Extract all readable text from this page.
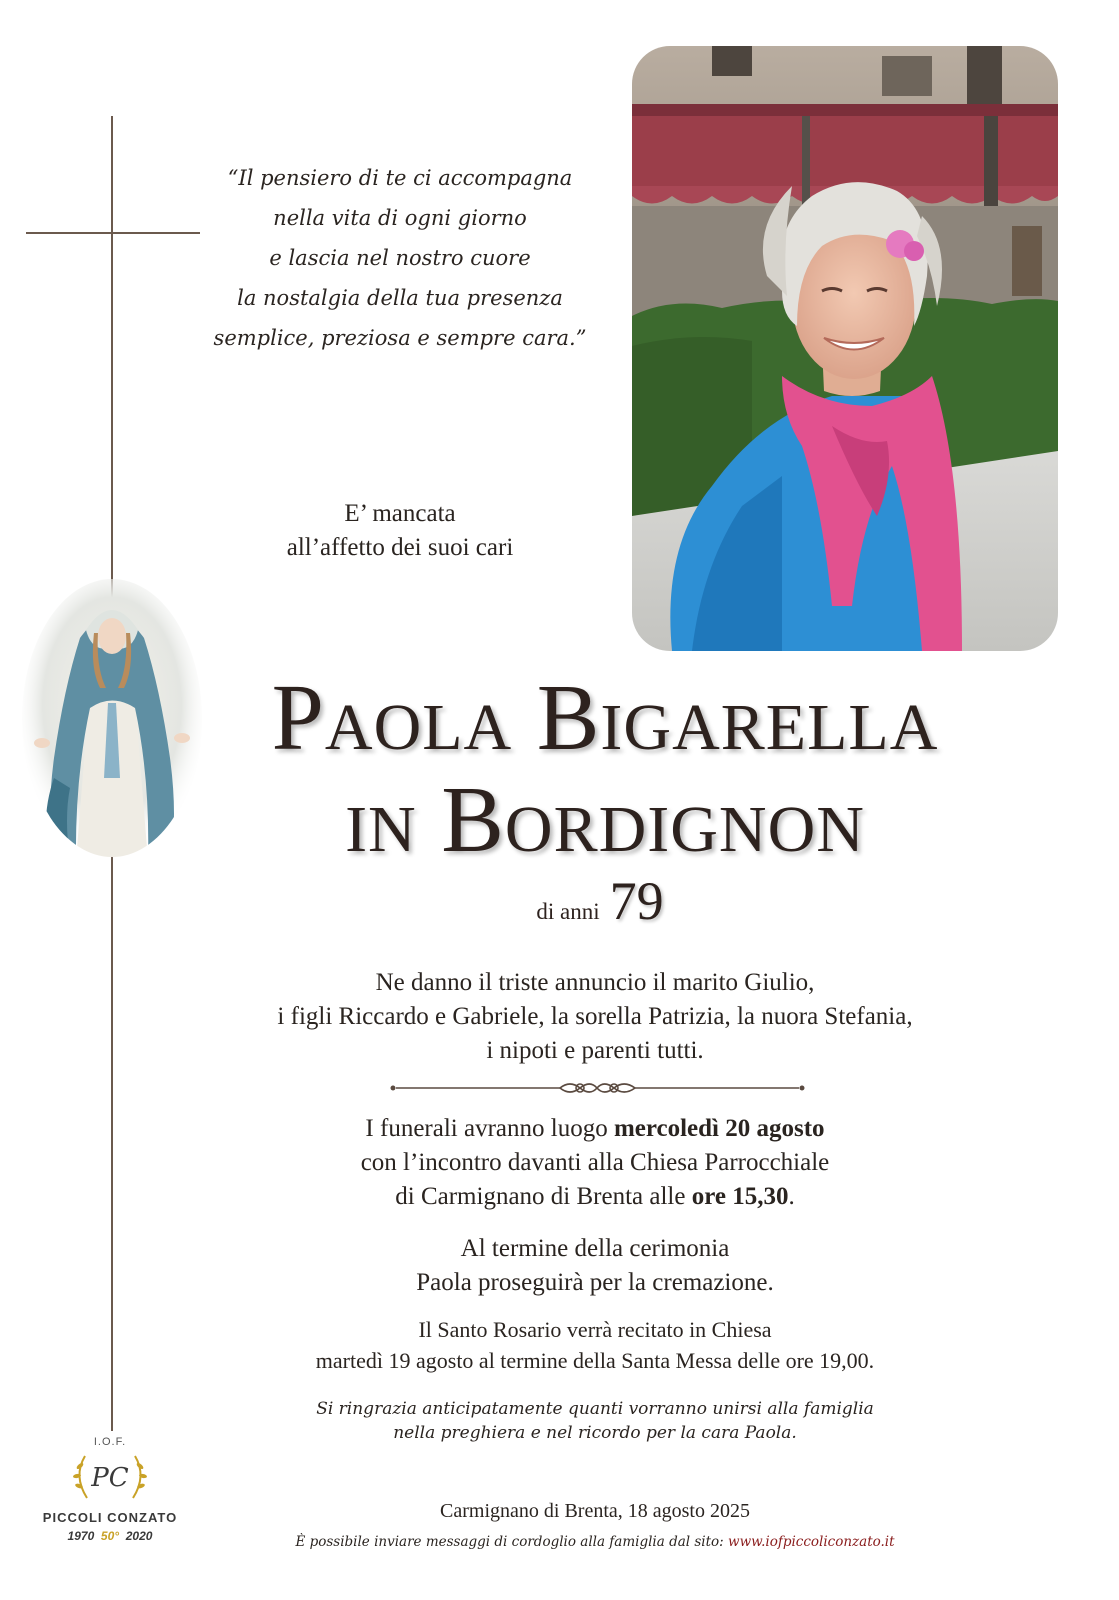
“Il pensiero di te ci accompagna
nella vita di ogni giorno
e lascia nel nostro cuore
la nostalgia della tua presenza
semplice, preziosa e sempre cara.”
E’ mancata
all’affetto dei suoi cari
Paola Bigarella
in Bordignon
di anni 79
Ne danno il triste annuncio il marito Giulio,
i figli Riccardo e Gabriele, la sorella Patrizia, la nuora Stefania,
i nipoti e parenti tutti.
I funerali avranno luogo mercoledì 20 agosto
con l’incontro davanti alla Chiesa Parrocchiale
di Carmignano di Brenta alle ore 15,30.
Al termine della cerimonia
Paola proseguirà per la cremazione.
Il Santo Rosario verrà recitato in Chiesa
martedì 19 agosto al termine della Santa Messa delle ore 19,00.
Si ringrazia anticipatamente quanti vorranno unirsi alla famiglia
nella preghiera e nel ricordo per la cara Paola.
Carmignano di Brenta, 18 agosto 2025
È possibile inviare messaggi di cordoglio alla famiglia dal sito: www.iofpiccoliconzato.it
I.O.F.
PC
PICCOLI CONZATO
1970 50° 2020
